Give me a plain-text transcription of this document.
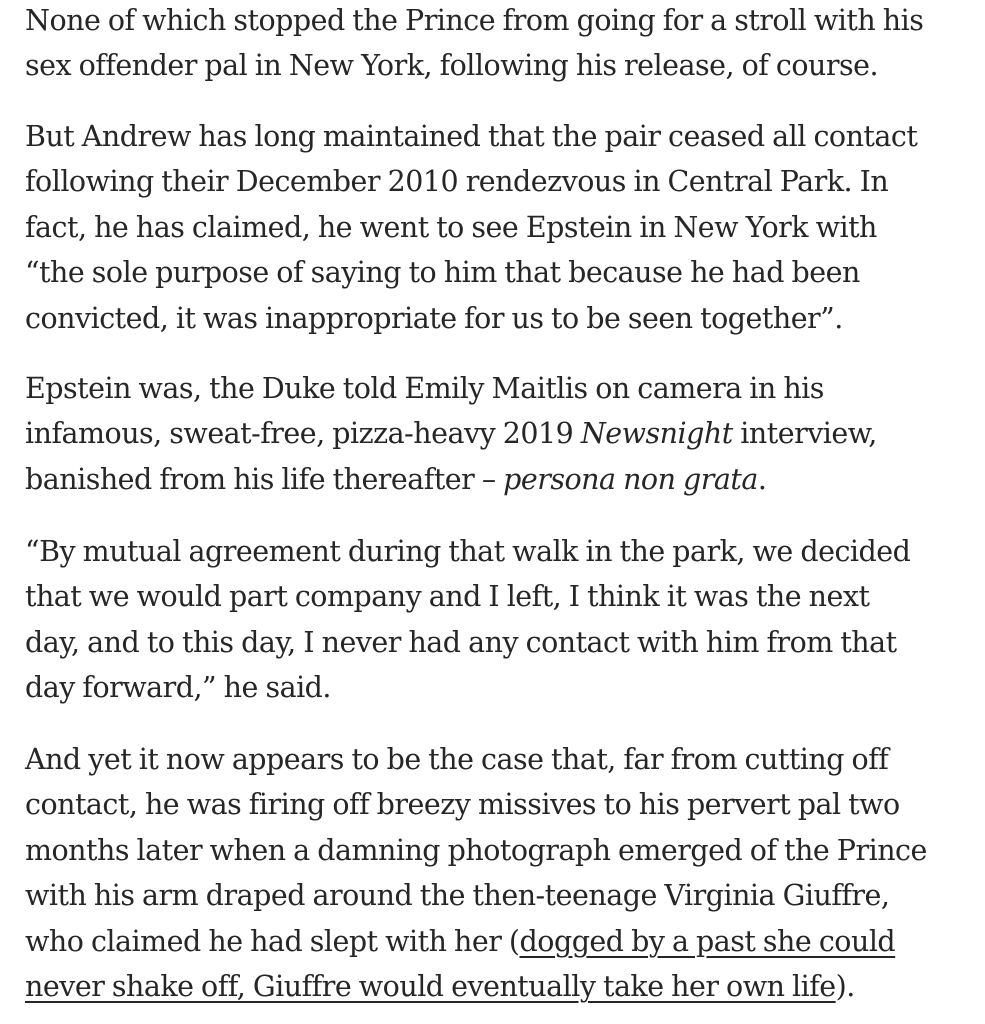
None of which stopped the Prince from going for a stroll with his
sex offender pal in New York, following his release, of course.

But Andrew has long maintained that the pair ceased all contact
following their December 2010 rendezvous in Central Park. In
fact, he has claimed, he went to see Epstein in New York with
“the sole purpose of saying to him that because he had been
convicted, it was inappropriate for us to be seen together”.

Epstein was, the Duke told Emily Maitlis on camera in his
infamous, sweat-free, pizza-heavy 2019 Newsnight interview,
banished from his life thereafter – persona non grata.

“By mutual agreement during that walk in the park, we decided
that we would part company and I left, I think it was the next
day, and to this day, I never had any contact with him from that
day forward,” he said.

And yet it now appears to be the case that, far from cutting off
contact, he was firing off breezy missives to his pervert pal two
months later when a damning photograph emerged of the Prince
with his arm draped around the then-teenage Virginia Giuffre,
who claimed he had slept with her (dogged by a past she could
never shake off, Giuffre would eventually take her own life).
